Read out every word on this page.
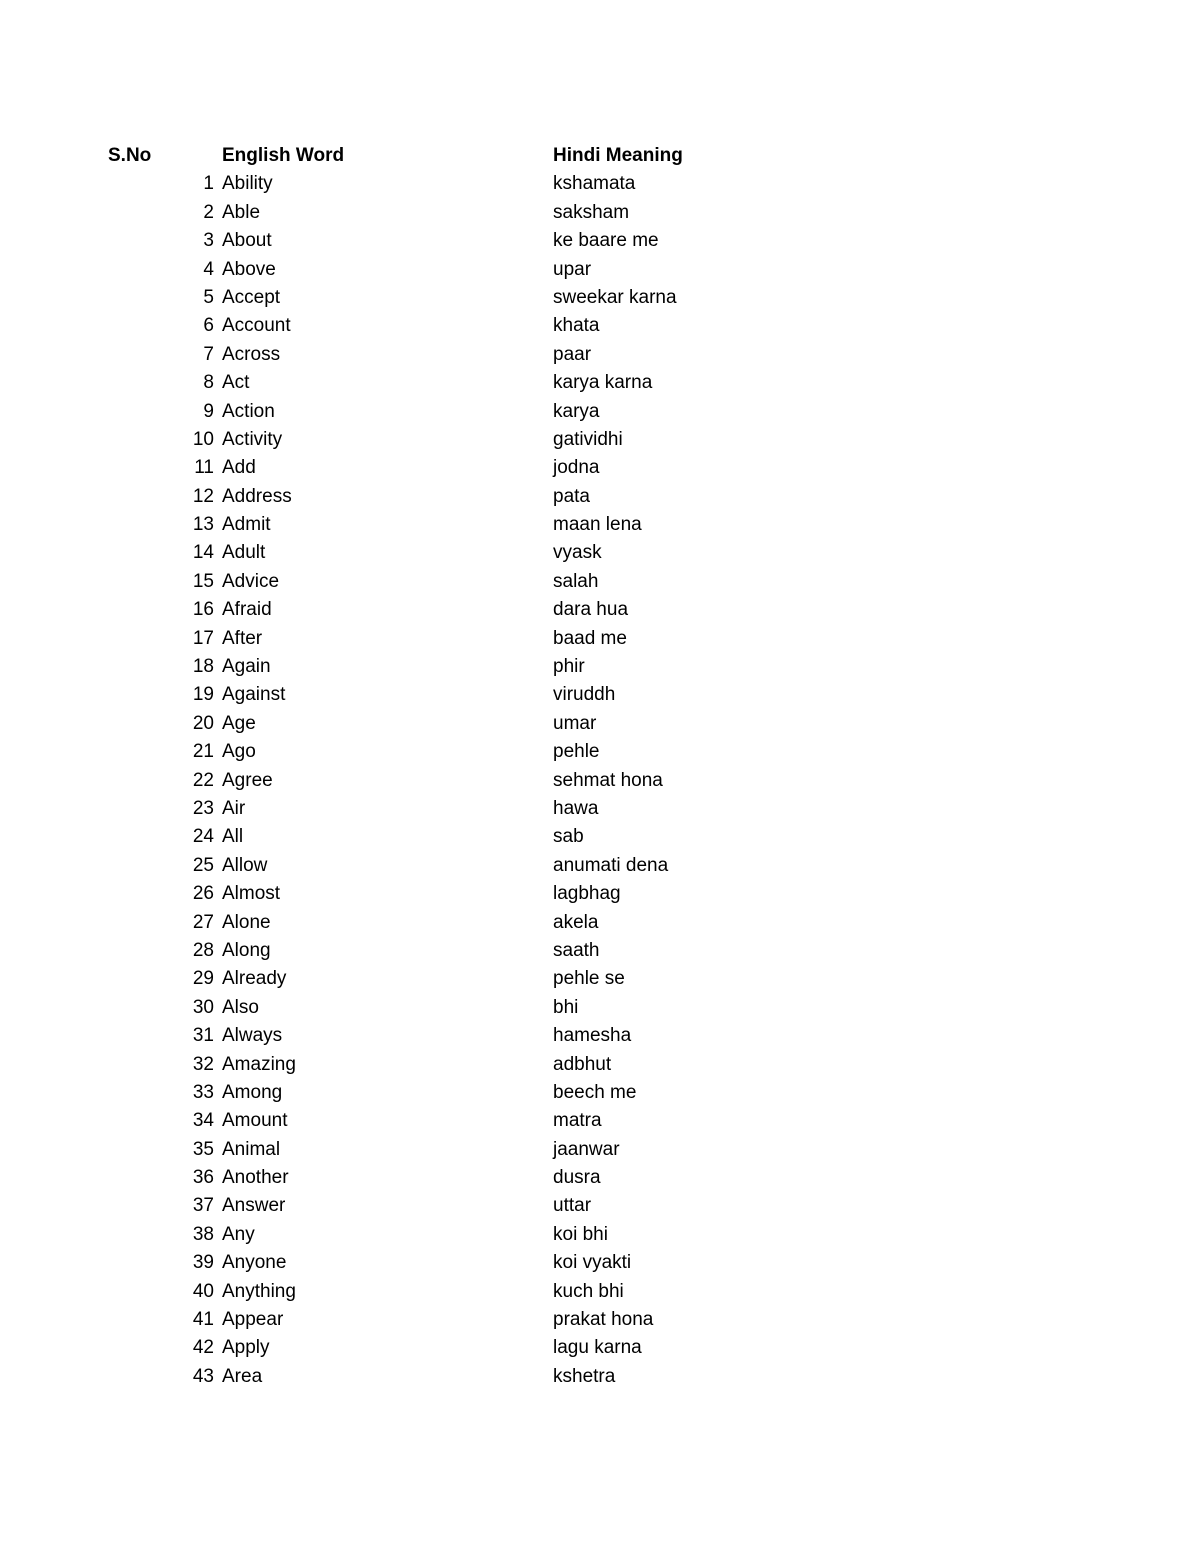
S.No	English Word	Hindi Meaning
1 Ability	kshamata
2 Able	saksham
3 About	ke baare me
4 Above	upar
5 Accept	sweekar karna
6 Account	khata
7 Across	paar
8 Act	karya karna
9 Action	karya
10 Activity	gatividhi
11 Add	jodna
12 Address	pata
13 Admit	maan lena
14 Adult	vyask
15 Advice	salah
16 Afraid	dara hua
17 After	baad me
18 Again	phir
19 Against	viruddh
20 Age	umar
21 Ago	pehle
22 Agree	sehmat hona
23 Air	hawa
24 All	sab
25 Allow	anumati dena
26 Almost	lagbhag
27 Alone	akela
28 Along	saath
29 Already	pehle se
30 Also	bhi
31 Always	hamesha
32 Amazing	adbhut
33 Among	beech me
34 Amount	matra
35 Animal	jaanwar
36 Another	dusra
37 Answer	uttar
38 Any	koi bhi
39 Anyone	koi vyakti
40 Anything	kuch bhi
41 Appear	prakat hona
42 Apply	lagu karna
43 Area	kshetra
